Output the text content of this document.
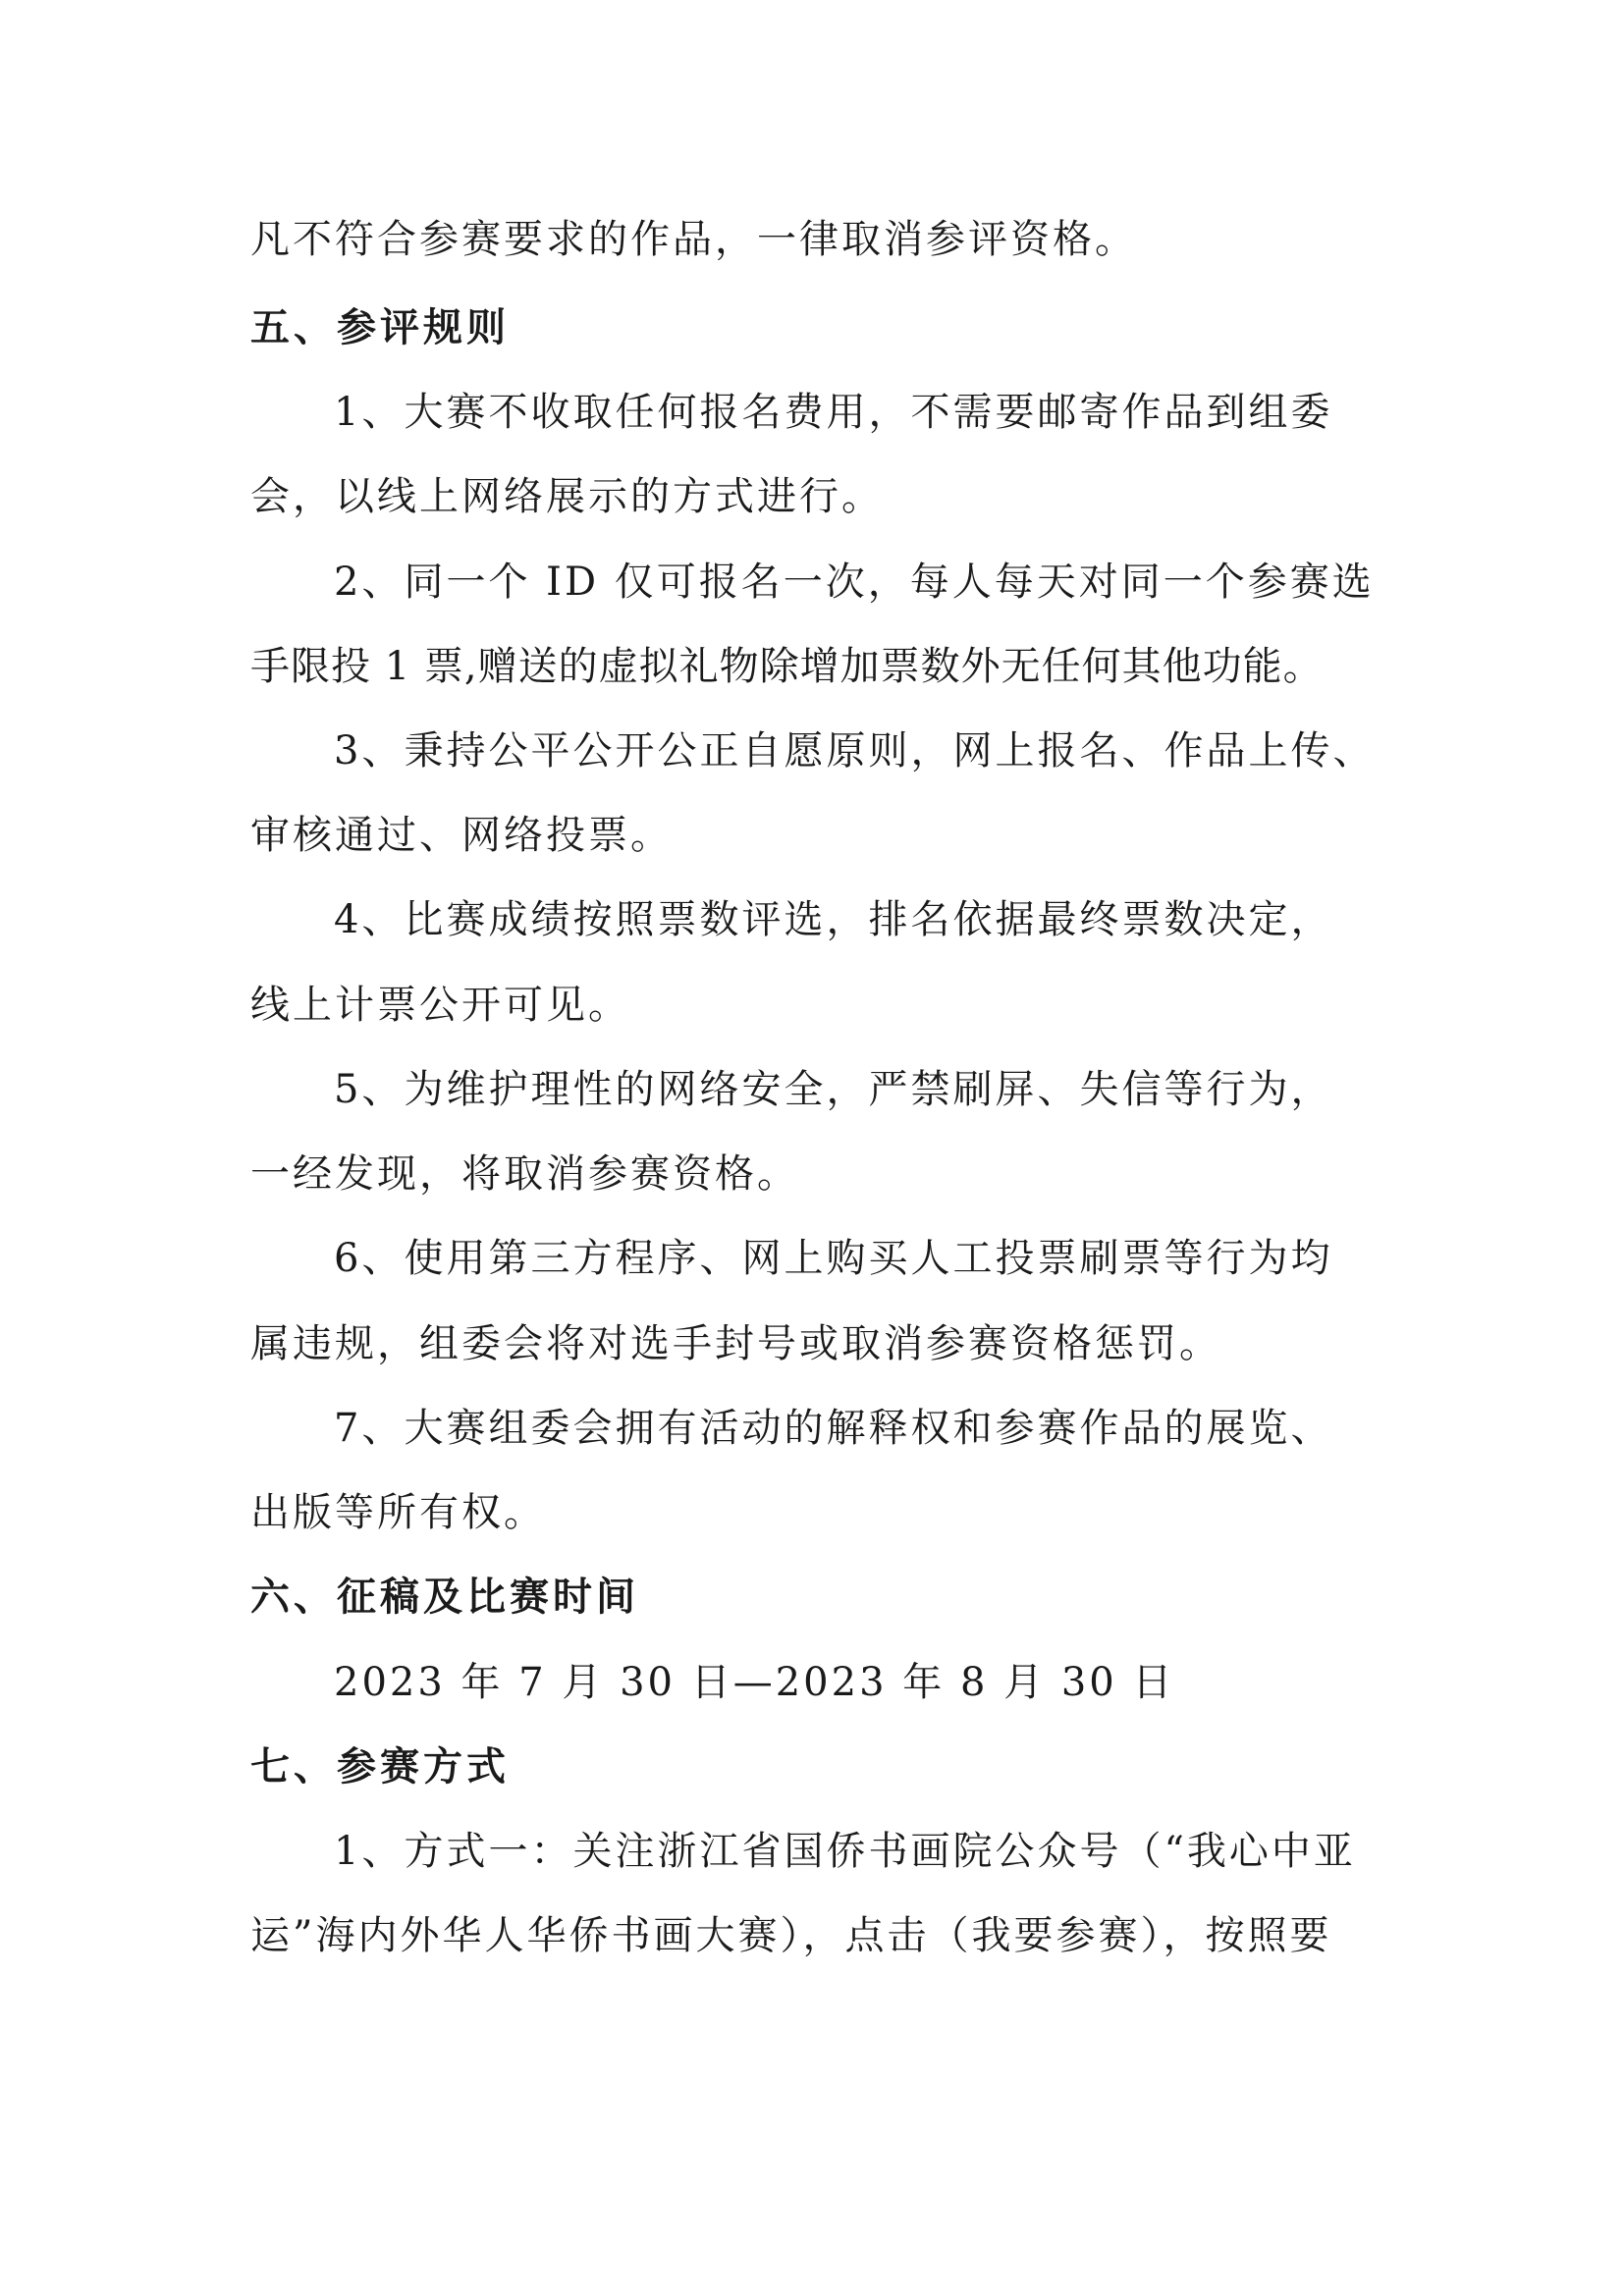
凡不符合参赛要求的作品，一律取消参评资格。
五、参评规则
1、大赛不收取任何报名费用，不需要邮寄作品到组委
会，以线上网络展示的方式进行。
2、同一个 ID 仅可报名一次，每人每天对同一个参赛选
手限投 1 票,赠送的虚拟礼物除增加票数外无任何其他功能。
3、秉持公平公开公正自愿原则，网上报名、作品上传、
审核通过、网络投票。
4、比赛成绩按照票数评选，排名依据最终票数决定，
线上计票公开可见。
5、为维护理性的网络安全，严禁刷屏、失信等行为，
一经发现，将取消参赛资格。
6、使用第三方程序、网上购买人工投票刷票等行为均
属违规，组委会将对选手封号或取消参赛资格惩罚。
7、大赛组委会拥有活动的解释权和参赛作品的展览、
出版等所有权。
六、征稿及比赛时间
2023 年 7 月 30 日—2023 年 8 月 30 日
七、参赛方式
1、方式一：关注浙江省国侨书画院公众号（“我心中亚
运”海内外华人华侨书画大赛），点击（我要参赛），按照要
